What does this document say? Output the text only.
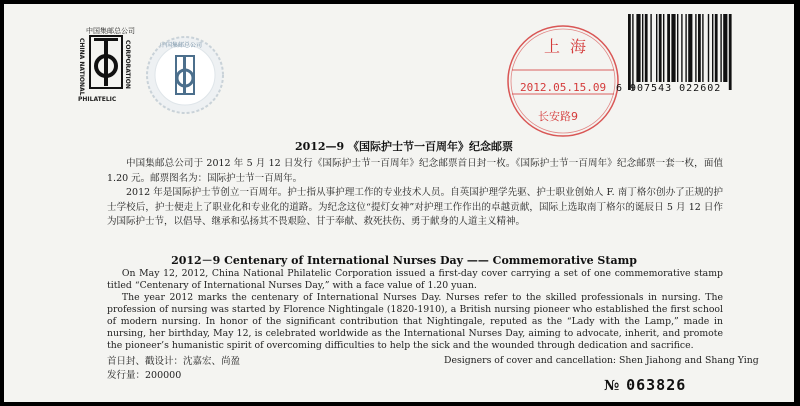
中国集邮总公司
CHINA NATIONAL	CORPORATION
PHILATELIC
中国集邮总公司	上海
2012.05.15.09
长安路9
6 907543 022602
2012—9 《国际护士节一百周年》纪念邮票

中国集邮总公司于 2012 年 5 月 12 日发行《国际护士节一百周年》纪念邮票首日封一枚。《国际护士节一百周年》纪念邮票一套一枚，面值 1.20 元。邮票图名为：国际护士节一百周年。

2012 年是国际护士节创立一百周年。护士指从事护理工作的专业技术人员。自英国护理学先驱、护士职业创始人 F. 南丁格尔创办了正规的护士学校后，护士便走上了职业化和专业化的道路。为纪念这位“提灯女神”对护理工作作出的卓越贡献，国际上选取南丁格尔的诞辰日 5 月 12 日作为国际护士节，以倡导、继承和弘扬其不畏艰险、甘于奉献、救死扶伤、勇于献身的人道主义精神。

2012－9 Centenary of International Nurses Day —— Commemorative Stamp

On May 12, 2012, China National Philatelic Corporation issued a first-day cover carrying a set of one commemorative stamp titled “Centenary of International Nurses Day,” with a face value of 1.20 yuan.

The year 2012 marks the centenary of International Nurses Day. Nurses refer to the skilled professionals in nursing. The profession of nursing was started by Florence Nightingale (1820-1910), a British nursing pioneer who established the first school of modern nursing. In honor of the significant contribution that Nightingale, reputed as the “Lady with the Lamp,” made in nursing, her birthday, May 12, is celebrated worldwide as the International Nurses Day, aiming to advocate, inherit, and promote the pioneer’s humanistic spirit of overcoming difficulties to help the sick and the wounded through dedication and sacrifice.

首日封、戳设计：沈嘉宏、尚盈
发行量：200000
Designers of cover and cancellation: Shen Jiahong and Shang Ying
№ 063826
